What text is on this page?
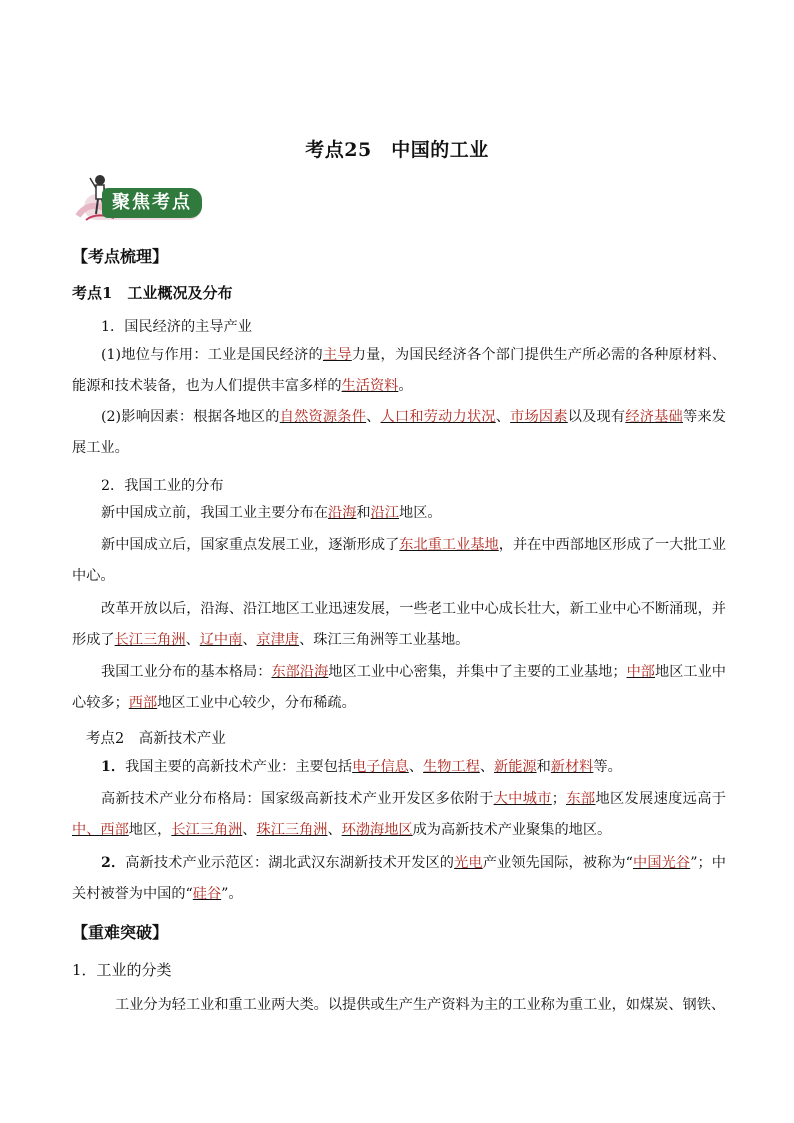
考点25　中国的工业
聚焦考点
【考点梳理】
考点1　工业概况及分布
1．国民经济的主导产业
(1)地位与作用：工业是国民经济的主导力量，为国民经济各个部门提供生产所必需的各种原材料、能源和技术装备，也为人们提供丰富多样的生活资料。
(2)影响因素：根据各地区的自然资源条件、人口和劳动力状况、市场因素以及现有经济基础等来发展工业。
2．我国工业的分布
新中国成立前，我国工业主要分布在沿海和沿江地区。
新中国成立后，国家重点发展工业，逐渐形成了东北重工业基地，并在中西部地区形成了一大批工业中心。
改革开放以后，沿海、沿江地区工业迅速发展，一些老工业中心成长壮大，新工业中心不断涌现，并形成了长江三角洲、辽中南、京津唐、珠江三角洲等工业基地。
我国工业分布的基本格局：东部沿海地区工业中心密集，并集中了主要的工业基地；中部地区工业中心较多；西部地区工业中心较少，分布稀疏。
考点2　高新技术产业
1．我国主要的高新技术产业：主要包括电子信息、生物工程、新能源和新材料等。
高新技术产业分布格局：国家级高新技术产业开发区多依附于大中城市；东部地区发展速度远高于中、西部地区，长江三角洲、珠江三角洲、环渤海地区成为高新技术产业聚集的地区。
2．高新技术产业示范区：湖北武汉东湖新技术开发区的光电产业领先国际，被称为“中国光谷”；中关村被誉为中国的“硅谷”。
【重难突破】
1．工业的分类
工业分为轻工业和重工业两大类。以提供或生产生产资料为主的工业称为重工业，如煤炭、钢铁、
